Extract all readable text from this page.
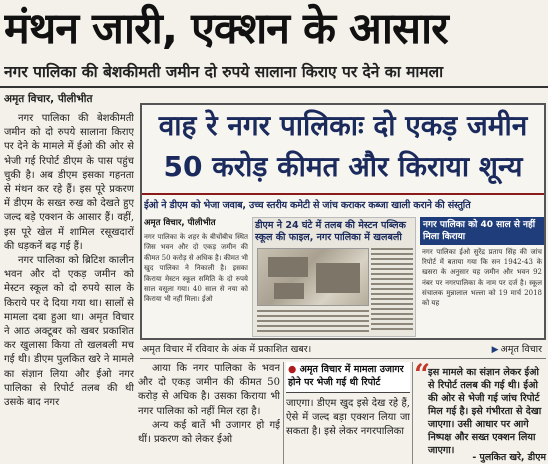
मंथन जारी, एक्शन के आसार
नगर पालिका की बेशकीमती जमीन दो रुपये सालाना किराए पर देने का मामला
अमृत विचार, पीलीभीत

नगर पालिका की बेशकीमती जमीन को दो रुपये सालाना किराए पर देने के मामले में ईओ की ओर से भेजी गई रिपोर्ट डीएम के पास पहुंच चुकी है। अब डीएम इसका गहनता से मंथन कर रहे हैं। इस पूरे प्रकरण में डीएम के सख्त रुख को देखते हुए जल्द बड़े एक्शन के आसार हैं। वहीं, इस पूरे खेल में शामिल रसूखदारों की धड़कनें बढ़ गई हैं।

नगर पालिका को ब्रिटिश कालीन भवन और दो एकड़ जमीन को मेस्टन स्कूल को दो रुपये साल के किराये पर दे दिया गया था। सालों से मामला दबा हुआ था। अमृत विचार ने आठ अक्टूबर को खबर प्रकाशित कर खुलासा किया तो खलबली मच गई थी। डीएम पुलकित खरे ने मामले का संज्ञान लिया और ईओ नगर पालिका से रिपोर्ट तलब की थी उसके बाद नगर

वाह रे नगर पालिकाः दो एकड़ जमीन
50 करोड़ कीमत और किराया शून्य
ईओ ने डीएम को भेजा जवाब, उच्च स्तरीय कमेटी से जांच कराकर कब्जा खाली कराने की संस्तुति
अमृत विचार, पीलीभीत
नगर पालिका के शहर के बीचोंबीच स्थित जिस भवन और दो एकड़ जमीन की कीमत 50 करोड़ से अधिक है। कीमत भी खुद पालिका ने निकाली है। इसका किराया मेस्टन स्कूल समिति के दो रुपये साल वसूला गया। 40 साल से नया को किराया भी नहीं मिला। ईओ
डीएम ने 24 घंटे में तलब की मेस्टन पब्लिक स्कूल की फाइल, नगर पालिका में खलबली
नगर पालिका को 40 साल से नहीं मिला किराया
नगर पालिका ईओ सुरेंद्र प्रताप सिंह की जांच रिपोर्ट में बताया गया कि सन 1942-43 के खसरा के अनुसार यह जमीन और भवन 92 नंबर पर नगरपालिका के नाम पर दर्ज है। स्कूल संचालक मुन्नालाल भल्ला को 19 मार्च 2018 को यह
अमृत विचार में रविवार के अंक में प्रकाशित खबर।	▶ अमृत विचार

आया कि नगर पालिका के भवन और दो एकड़ जमीन की कीमत 50 करोड़ से अधिक है। उसका किराया भी नगर पालिका को नहीं मिल रहा है।

अन्य कई बातें भी उजागर हो गई थीं। प्रकरण को लेकर ईओ

● अमृत विचार में मामला उजागर होने पर भेजी गई थी रिपोर्ट
जाएगा। डीएम खुद इसे देख रहे हैं, ऐसे में जल्द बड़ा एक्शन लिया जा सकता है। इसे लेकर नगरपालिका
“
इस मामले का संज्ञान लेकर ईओ से रिपोर्ट तलब की गई थी। ईओ की ओर से भेजी गई जांच रिपोर्ट मिल गई है। इसे गंभीरता से देखा जाएगा। उसी आधार पर आगे निष्पक्ष और सख्त एक्शन लिया जाएगा।
- पुलकित खरे, डीएम
